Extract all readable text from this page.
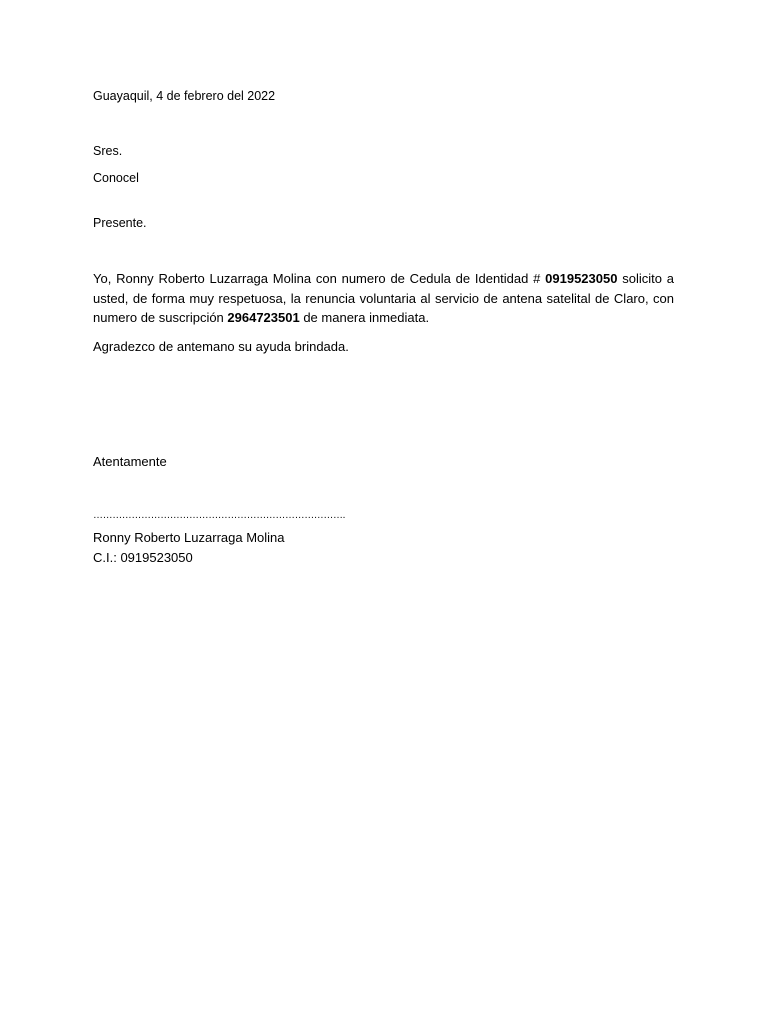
Guayaquil, 4 de febrero del 2022
Sres.
Conocel
Presente.
Yo, Ronny Roberto Luzarraga Molina con numero de Cedula de Identidad # 0919523050 solicito a usted, de forma muy respetuosa, la renuncia voluntaria al servicio de antena satelital de Claro, con numero de suscripción 2964723501 de manera inmediata.
Agradezco de antemano su ayuda brindada.
Atentamente
…………………………………………………………………….
Ronny Roberto Luzarraga Molina
C.I.: 0919523050
